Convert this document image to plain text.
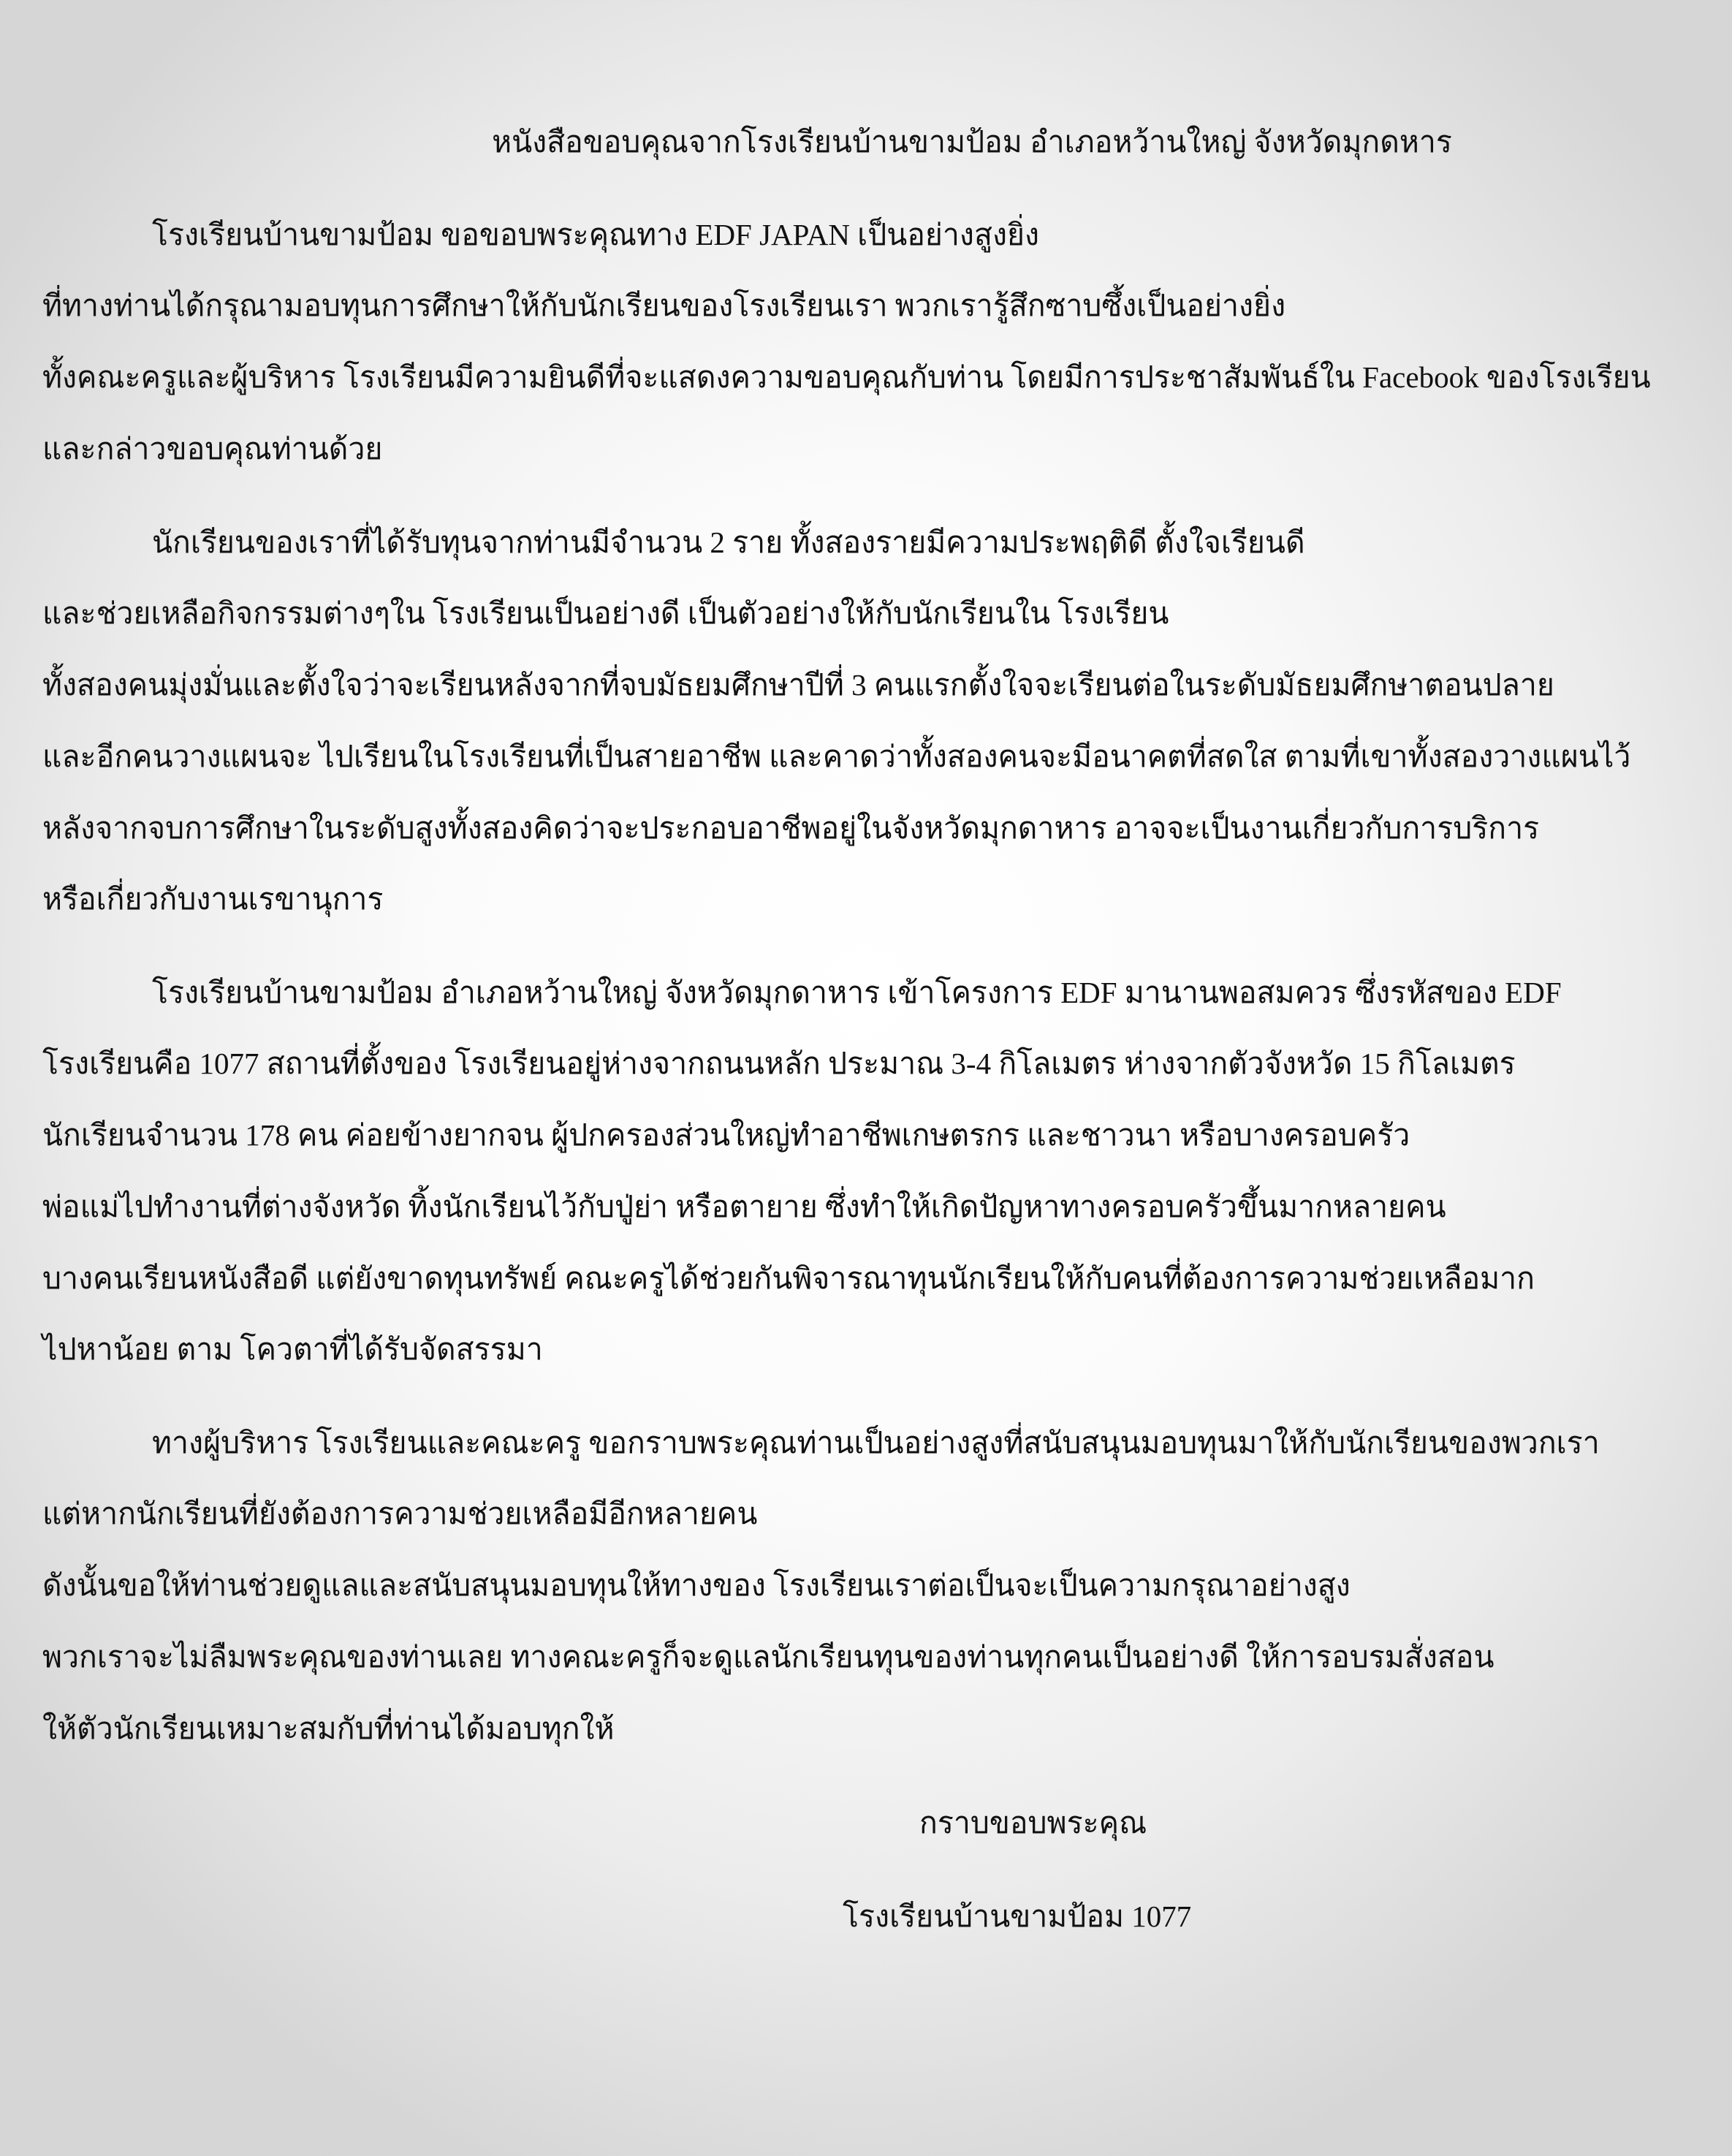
หนังสือขอบคุณจากโรงเรียนบ้านขามป้อม อำเภอหว้านใหญ่ จังหวัดมุกดหาร
โรงเรียนบ้านขามป้อม ขอขอบพระคุณทาง EDF JAPAN เป็นอย่างสูงยิ่ง
ที่ทางท่านได้กรุณามอบทุนการศึกษาให้กับนักเรียนของโรงเรียนเรา พวกเรารู้สึกซาบซึ้งเป็นอย่างยิ่ง
ทั้งคณะครูและผู้บริหาร โรงเรียนมีความยินดีที่จะแสดงความขอบคุณกับท่าน โดยมีการประชาสัมพันธ์ใน Facebook ของโรงเรียน
และกล่าวขอบคุณท่านด้วย
นักเรียนของเราที่ได้รับทุนจากท่านมีจำนวน 2 ราย ทั้งสองรายมีความประพฤติดี ตั้งใจเรียนดี
และช่วยเหลือกิจกรรมต่างๆใน โรงเรียนเป็นอย่างดี เป็นตัวอย่างให้กับนักเรียนใน โรงเรียน
ทั้งสองคนมุ่งมั่นและตั้งใจว่าจะเรียนหลังจากที่จบมัธยมศึกษาปีที่ 3 คนแรกตั้งใจจะเรียนต่อในระดับมัธยมศึกษาตอนปลาย
และอีกคนวางแผนจะ ไปเรียนในโรงเรียนที่เป็นสายอาชีพ และคาดว่าทั้งสองคนจะมีอนาคตที่สดใส ตามที่เขาทั้งสองวางแผนไว้
หลังจากจบการศึกษาในระดับสูงทั้งสองคิดว่าจะประกอบอาชีพอยู่ในจังหวัดมุกดาหาร อาจจะเป็นงานเกี่ยวกับการบริการ
หรือเกี่ยวกับงานเรขานุการ
โรงเรียนบ้านขามป้อม อำเภอหว้านใหญ่ จังหวัดมุกดาหาร เข้าโครงการ EDF มานานพอสมควร ซึ่งรหัสของ EDF
โรงเรียนคือ 1077 สถานที่ตั้งของ โรงเรียนอยู่ห่างจากถนนหลัก ประมาณ 3-4 กิโลเมตร ห่างจากตัวจังหวัด 15 กิโลเมตร
นักเรียนจำนวน 178 คน ค่อยข้างยากจน ผู้ปกครองส่วนใหญ่ทำอาชีพเกษตรกร และชาวนา หรือบางครอบครัว
พ่อแม่ไปทำงานที่ต่างจังหวัด ทิ้งนักเรียนไว้กับปู่ย่า หรือตายาย ซึ่งทำให้เกิดปัญหาทางครอบครัวขึ้นมากหลายคน
บางคนเรียนหนังสือดี แต่ยังขาดทุนทรัพย์ คณะครูได้ช่วยกันพิจารณาทุนนักเรียนให้กับคนที่ต้องการความช่วยเหลือมาก
ไปหาน้อย ตาม โควตาที่ได้รับจัดสรรมา
ทางผู้บริหาร โรงเรียนและคณะครู ขอกราบพระคุณท่านเป็นอย่างสูงที่สนับสนุนมอบทุนมาให้กับนักเรียนของพวกเรา
แต่หากนักเรียนที่ยังต้องการความช่วยเหลือมีอีกหลายคน
ดังนั้นขอให้ท่านช่วยดูแลและสนับสนุนมอบทุนให้ทางของ โรงเรียนเราต่อเป็นจะเป็นความกรุณาอย่างสูง
พวกเราจะไม่ลืมพระคุณของท่านเลย ทางคณะครูก็จะดูแลนักเรียนทุนของท่านทุกคนเป็นอย่างดี ให้การอบรมสั่งสอน
ให้ตัวนักเรียนเหมาะสมกับที่ท่านได้มอบทุกให้
กราบขอบพระคุณ
โรงเรียนบ้านขามป้อม 1077
